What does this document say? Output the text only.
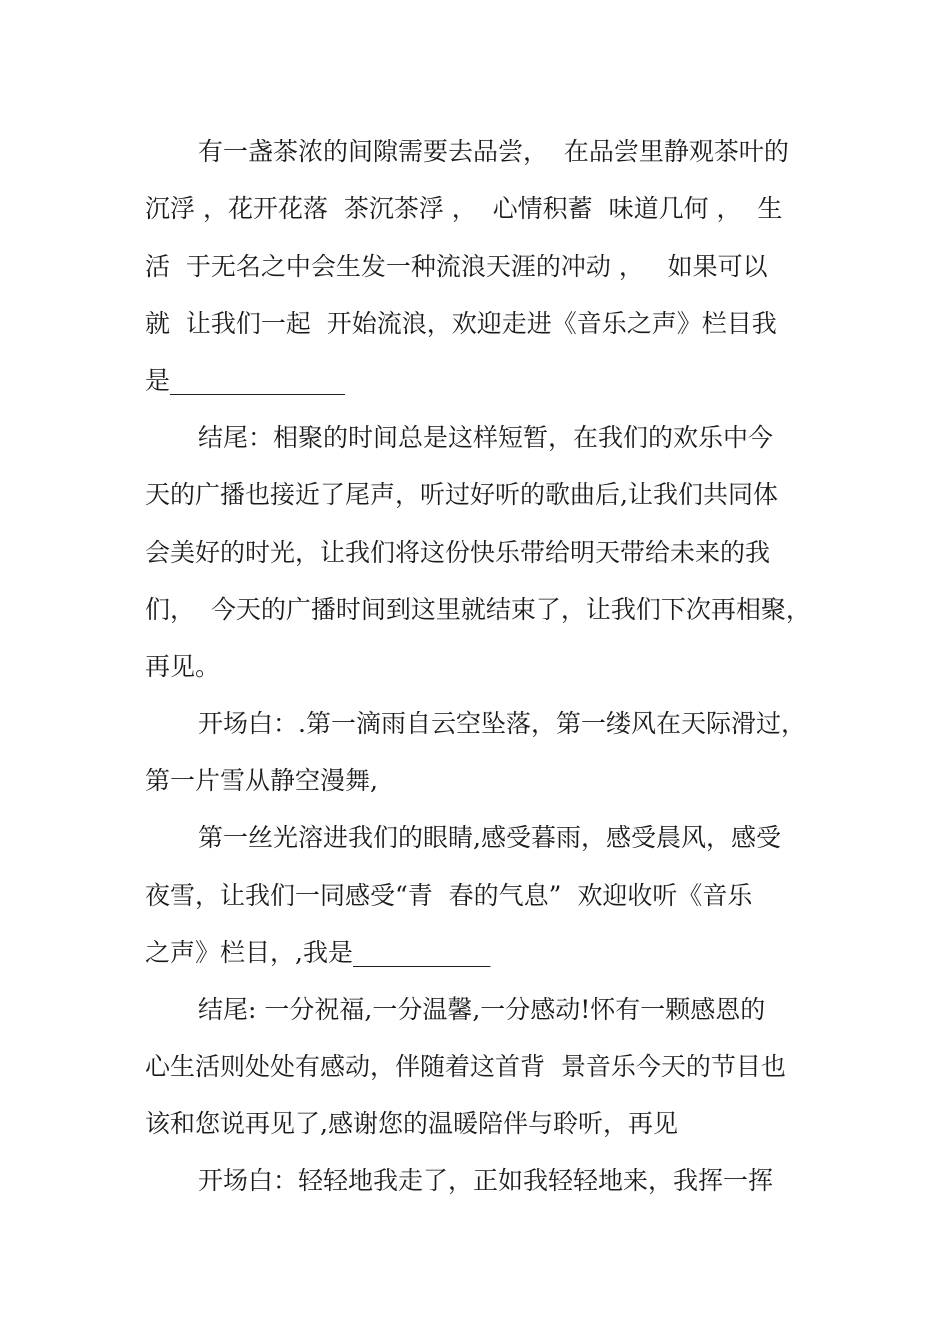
有一盏茶浓的间隙需要去品尝，  在品尝里静观茶叶的
沉浮 ，花开花落  茶沉茶浮 ，  心情积蓄  味道几何 ，  生
活  于无名之中会生发一种流浪天涯的冲动 ，   如果可以
就  让我们一起  开始流浪，欢迎走进《音乐之声》栏目我
是______________
结尾：相聚的时间总是这样短暂，在我们的欢乐中今
天的广播也接近了尾声，听过好听的歌曲后,让我们共同体
会美好的时光，让我们将这份快乐带给明天带给未来的我
们，  今天的广播时间到这里就结束了，让我们下次再相聚，
再见。
开场白：.第一滴雨自云空坠落，第一缕风在天际滑过，
第一片雪从静空漫舞,
第一丝光溶进我们的眼睛,感受暮雨，感受晨风，感受
夜雪，让我们一同感受“青  春的气息”  欢迎收听《音乐
之声》栏目，,我是___________
结尾: 一分祝福,一分温馨,一分感动!怀有一颗感恩的
心生活则处处有感动，伴随着这首背  景音乐今天的节目也
该和您说再见了,感谢您的温暖陪伴与聆听，再见
开场白：轻轻地我走了，正如我轻轻地来，我挥一挥
